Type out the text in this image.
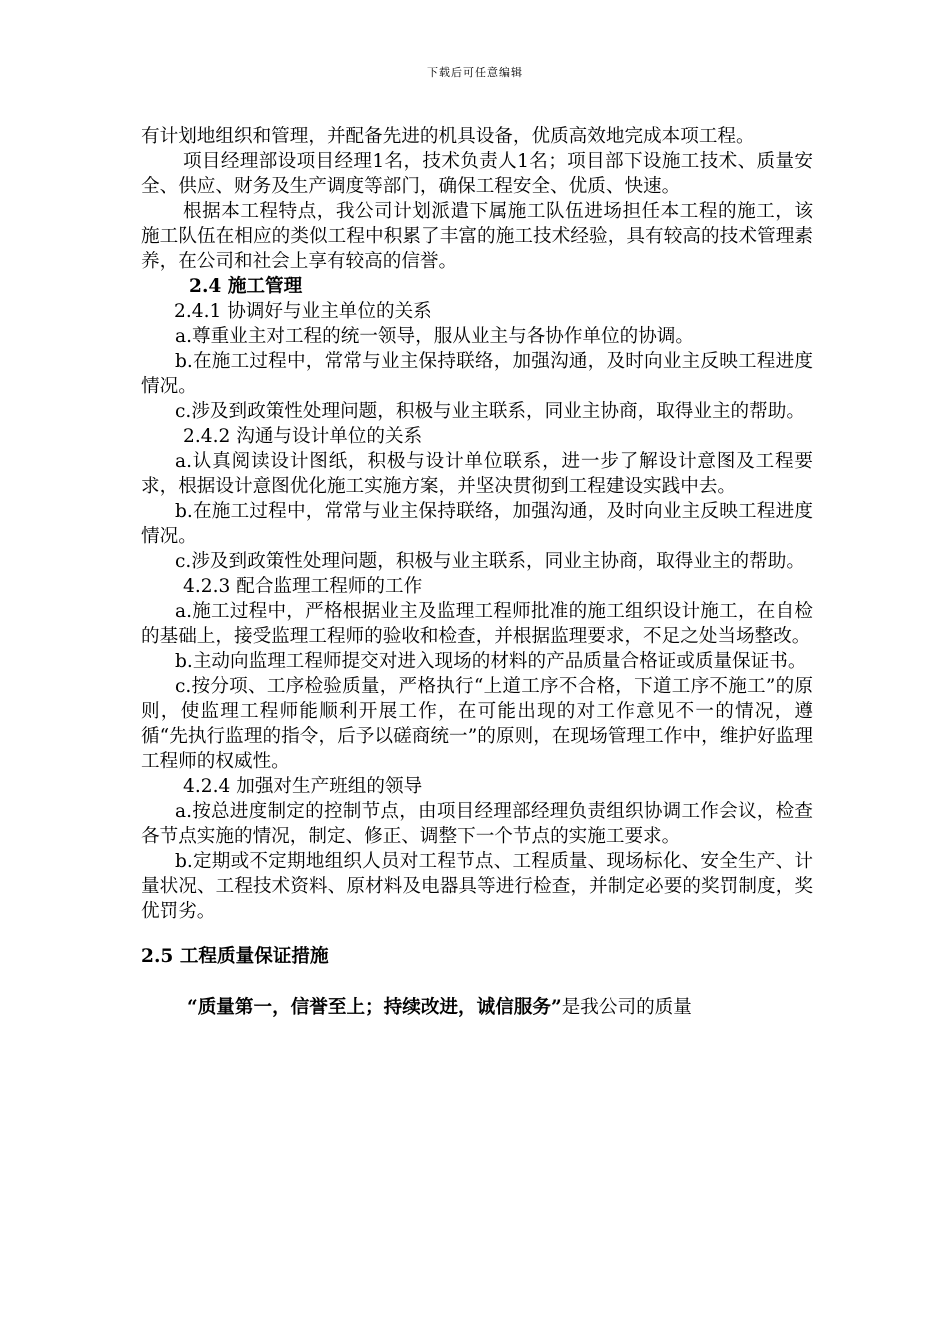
下载后可任意编辑

有计划地组织和管理，并配备先进的机具设备，优质高效地完成本项工程。

项目经理部设项目经理1名，技术负责人1名；项目部下设施工技术、质量安全、供应、财务及生产调度等部门，确保工程安全、优质、快速。

根据本工程特点，我公司计划派遣下属施工队伍进场担任本工程的施工，该施工队伍在相应的类似工程中积累了丰富的施工技术经验，具有较高的技术管理素养，在公司和社会上享有较高的信誉。

2.4 施工管理

2.4.1 协调好与业主单位的关系

a.尊重业主对工程的统一领导，服从业主与各协作单位的协调。

b.在施工过程中，常常与业主保持联络，加强沟通，及时向业主反映工程进度情况。

c.涉及到政策性处理问题，积极与业主联系，同业主协商，取得业主的帮助。

2.4.2 沟通与设计单位的关系

a.认真阅读设计图纸，积极与设计单位联系，进一步了解设计意图及工程要求，根据设计意图优化施工实施方案，并坚决贯彻到工程建设实践中去。

b.在施工过程中，常常与业主保持联络，加强沟通，及时向业主反映工程进度情况。

c.涉及到政策性处理问题，积极与业主联系，同业主协商，取得业主的帮助。

4.2.3 配合监理工程师的工作

a.施工过程中，严格根据业主及监理工程师批准的施工组织设计施工，在自检的基础上，接受监理工程师的验收和检查，并根据监理要求，不足之处当场整改。

b.主动向监理工程师提交对进入现场的材料的产品质量合格证或质量保证书。

c.按分项、工序检验质量，严格执行“上道工序不合格，下道工序不施工”的原则，使监理工程师能顺利开展工作，在可能出现的对工作意见不一的情况，遵循“先执行监理的指令，后予以磋商统一”的原则，在现场管理工作中，维护好监理工程师的权威性。

4.2.4 加强对生产班组的领导

a.按总进度制定的控制节点，由项目经理部经理负责组织协调工作会议，检查各节点实施的情况，制定、修正、调整下一个节点的实施工要求。

b.定期或不定期地组织人员对工程节点、工程质量、现场标化、安全生产、计量状况、工程技术资料、原材料及电器具等进行检查，并制定必要的奖罚制度，奖优罚劣。

2.5 工程质量保证措施

“质量第一，信誉至上；持续改进，诚信服务”是我公司的质量
